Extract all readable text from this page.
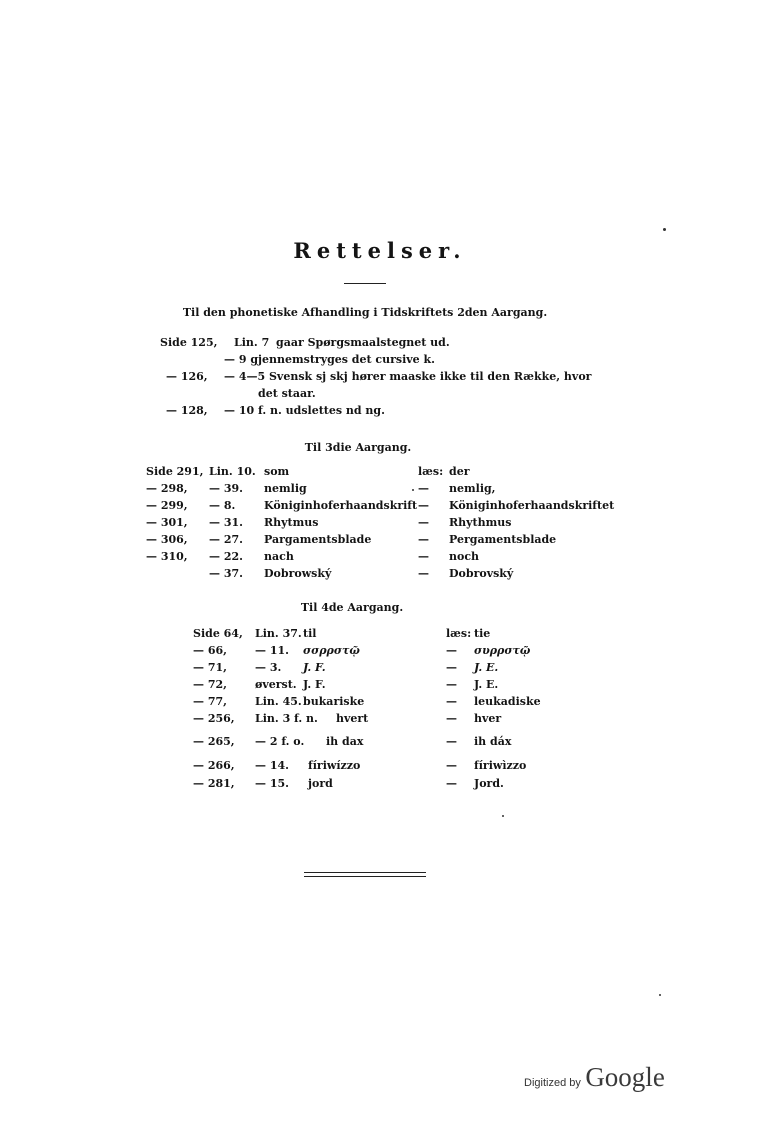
Rettelser.
Til den phonetiske Afhandling i Tidskriftets 2den Aargang.
Side 125, Lin. 7 gaar Spørgsmaalstegnet ud.
— 9 gjennemstryges det cursive k.
— 126, — 4—5 Svensk sj skj hører maaske ikke til den Række, hvor
det staar.
— 128, — 10 f. n. udslettes nd ng.
Til 3die Aargang.
Side 291, Lin. 10. som	læs: der
— 298, — 39. nemlig	— nemlig,
— 299, — 8.	Königinhoferhaandskrift — Königinhoferhaandskriftet
— 301, — 31. Rhytmus	— Rhythmus
— 306, — 27. Pargamentsblade	— Pergamentsblade
— 310, — 22. nach	— noch
— 37. Dobrowský	— Dobrovský
Til 4de Aargang.
Side 64, Lin. 37. til	læs: tie
— 66,	— 11. σσρρστῷ	— συρρστῷ
— 71,	— 3. J. F.	— J. E.
— 72,	øverst. J. F.	— J. E.
— 77,	Lin. 45. bukariske	— leukadiske
— 256, Lin. 3 f. n. hvert	— hver
— 265, — 2 f. o. ih dax	— ih dáx
— 266, — 14. fíriwízzo	— fíriwìzzo
— 281, — 15. jord	— Jord.
Digitized by Google
